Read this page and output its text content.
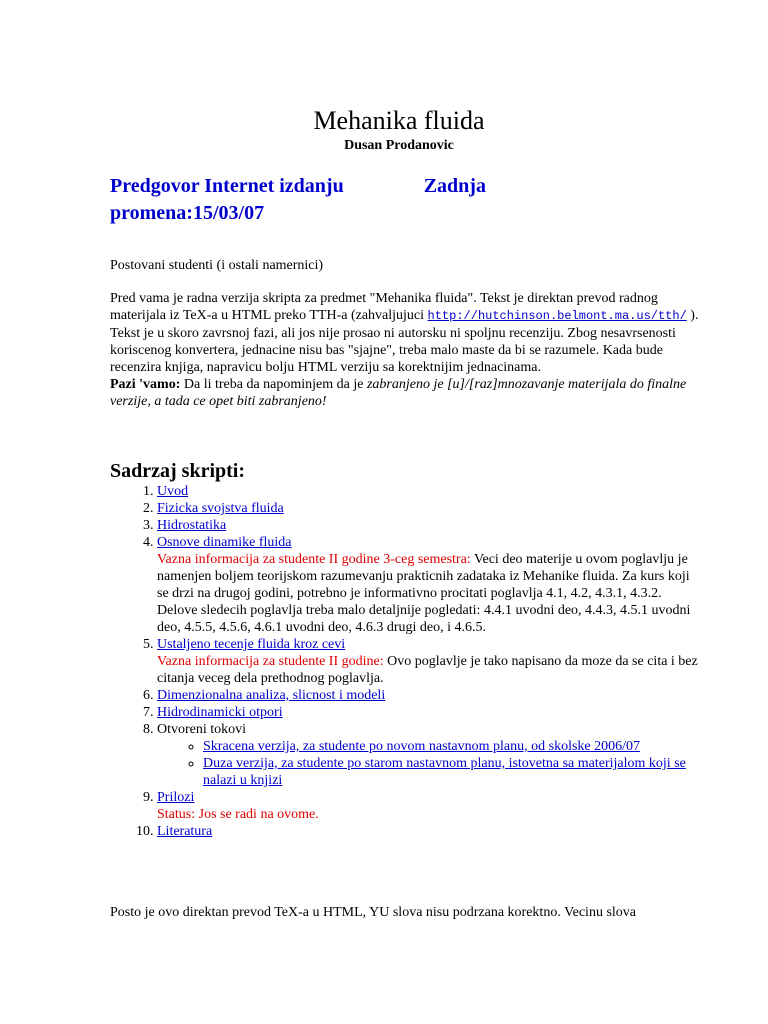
Mehanika fluida
Dusan Prodanovic
Predgovor Internet izdanju	Zadnja
promena:15/03/07
Postovani studenti (i ostali namernici)
Pred vama je radna verzija skripta za predmet "Mehanika fluida". Tekst je direktan prevod radnog materijala iz TeX-a u HTML preko TTH-a (zahvaljujuci http://hutchinson.belmont.ma.us/tth/ ). Tekst je u skoro zavrsnoj fazi, ali jos nije prosao ni autorsku ni spoljnu recenziju. Zbog nesavrsenosti koriscenog konvertera, jednacine nisu bas "sjajne", treba malo maste da bi se razumele. Kada bude recenzira knjiga, napravicu bolju HTML verziju sa korektnijim jednacinama.
Pazi 'vamo: Da li treba da napominjem da je zabranjeno je [u]/[raz]mnozavanje materijala do finalne verzije, a tada ce opet biti zabranjeno!
Sadrzaj skripti:
1. Uvod
2. Fizicka svojstva fluida
3. Hidrostatika
4. Osnove dinamike fluida
Vazna informacija za studente II godine 3-ceg semestra: Veci deo materije u ovom poglavlju je namenjen boljem teorijskom razumevanju prakticnih zadataka iz Mehanike fluida. Za kurs koji se drzi na drugoj godini, potrebno je informativno procitati poglavlja 4.1, 4.2, 4.3.1, 4.3.2. Delove sledecih poglavlja treba malo detaljnije pogledati: 4.4.1 uvodni deo, 4.4.3, 4.5.1 uvodni deo, 4.5.5, 4.5.6, 4.6.1 uvodni deo, 4.6.3 drugi deo, i 4.6.5.
5. Ustaljeno tecenje fluida kroz cevi
Vazna informacija za studente II godine: Ovo poglavlje je tako napisano da moze da se cita i bez citanja veceg dela prethodnog poglavlja.
6. Dimenzionalna analiza, slicnost i modeli
7. Hidrodinamicki otpori
8. Otvoreni tokovi
◦ Skracena verzija, za studente po novom nastavnom planu, od skolske 2006/07
◦ Duza verzija, za studente po starom nastavnom planu, istovetna sa materijalom koji se nalazi u knjizi
9. Prilozi
Status: Jos se radi na ovome.
10. Literatura
Posto je ovo direktan prevod TeX-a u HTML, YU slova nisu podrzana korektno. Vecinu slova
